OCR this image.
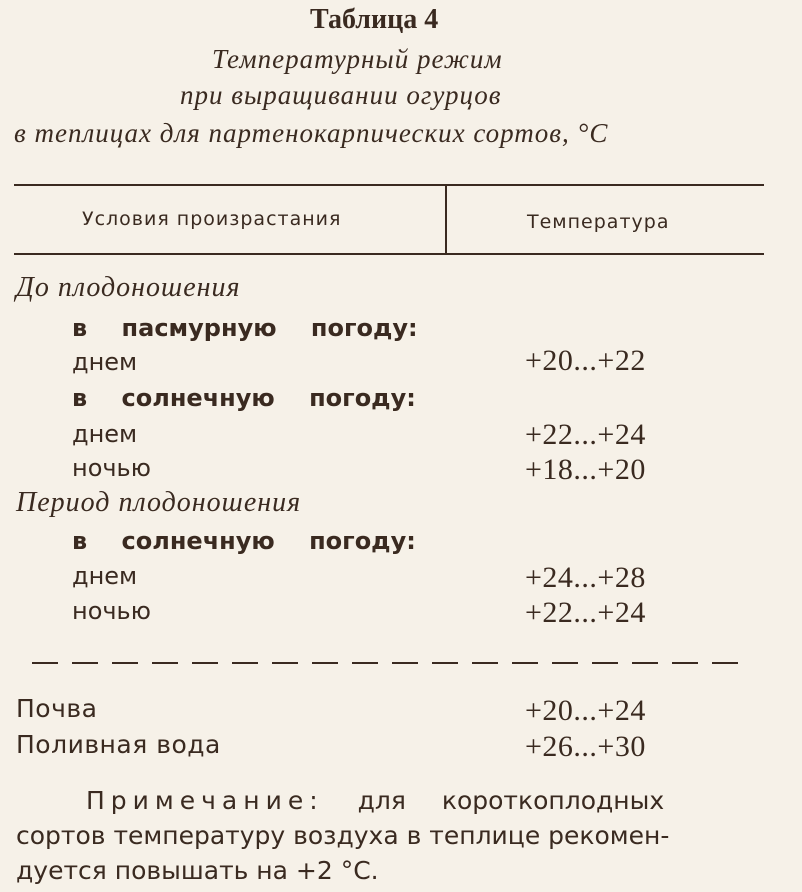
Таблица 4
Температурный режим
при выращивании огурцов
в теплицах для партенокарпических сортов, °С
Условия произрастания	Температура
До плодоношения
в пасмурную погоду:
днем	+20...+22
в солнечную погоду:
днем	+22...+24
ночью	+18...+20
Период плодоношения
в солнечную погоду:
днем	+24...+28
ночью	+22...+24
Почва	+20...+24
Поливная вода	+26...+30
Примечание: для короткоплодных
сортов температуру воздуха в теплице рекомен-
дуется повышать на +2 °С.
